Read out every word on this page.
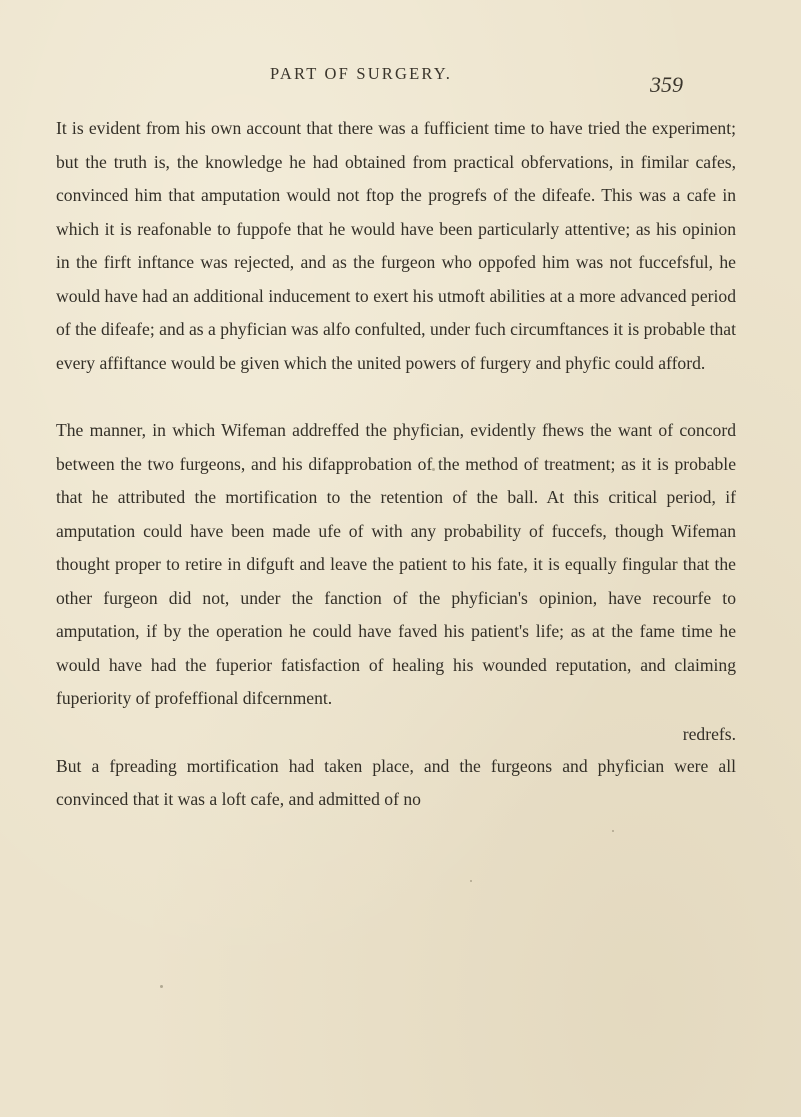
PART OF SURGERY.	359

It is evident from his own account that there was a fufficient time to have tried the experiment; but the truth is, the knowledge he had obtained from practical obfervations, in fimilar cafes, convinced him that amputation would not ftop the progrefs of the difeafe. This was a cafe in which it is reafonable to fuppofe that he would have been particularly attentive; as his opinion in the firft inftance was rejected, and as the furgeon who oppofed him was not fuccefsful, he would have had an additional inducement to exert his utmoft abilities at a more advanced period of the difeafe; and as a phyfician was alfo confulted, under fuch circumftances it is probable that every affiftance would be given which the united powers of furgery and phyfic could afford.

The manner, in which Wifeman addreffed the phyfician, evidently fhews the want of concord between the two furgeons, and his difapprobation of the method of treatment; as it is probable that he attributed the mortification to the retention of the ball. At this critical period, if amputation could have been made ufe of with any probability of fuccefs, though Wifeman thought proper to retire in difguft and leave the patient to his fate, it is equally fingular that the other furgeon did not, under the fanction of the phyfician's opinion, have recourfe to amputation, if by the operation he could have faved his patient's life; as at the fame time he would have had the fuperior fatisfaction of healing his wounded reputation, and claiming fuperiority of profeffional difcernment.

But a fpreading mortification had taken place, and the furgeons and phyfician were all convinced that it was a loft cafe, and admitted of no

redrefs.
